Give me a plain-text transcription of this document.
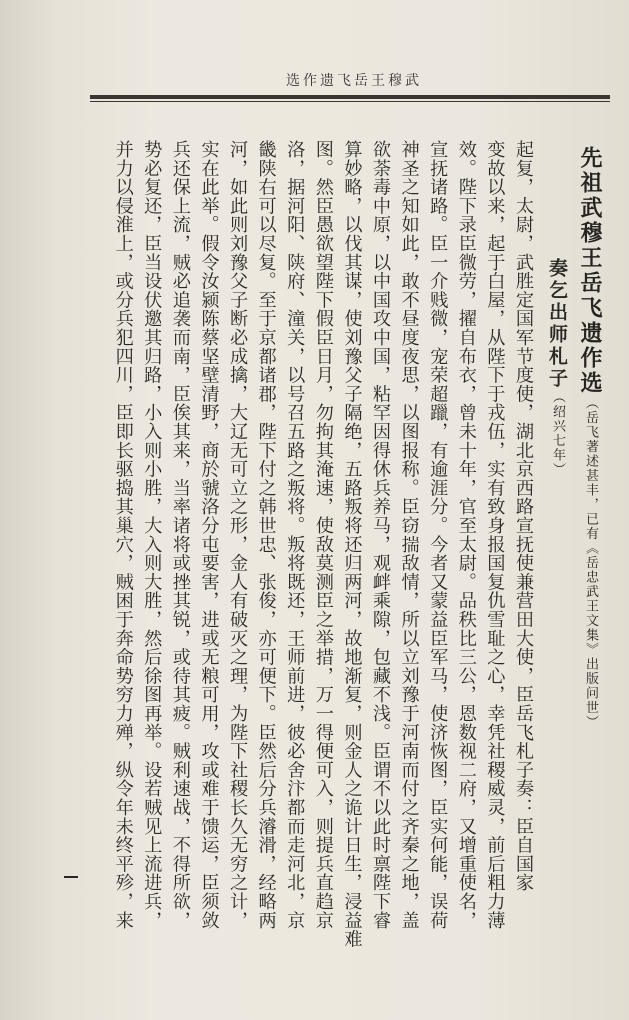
选作遗飞岳王穆武
先祖武穆王岳飞遗作选（岳飞著述甚丰，已有《岳忠武王文集》出版问世）
奏乞出师札子（绍兴七年）
起复，太尉，武胜定国军节度使，湖北京西路宣抚使兼营田大使，臣岳飞札子奏：臣自国家
变故以来，起于白屋，从陛下于戎伍，实有致身报国复仇雪耻之心，幸凭社稷威灵，前后粗力薄
效。陛下录臣微劳，擢自布衣，曾未十年，官至太尉。品秩比三公，恩数视二府，又增重使名，
宣抚诸路。臣一介贱微，宠荣超躐，有逾涯分。今者又蒙益臣军马，使济恢图，臣实何能，误荷
神圣之知如此，敢不昼度夜思，以图报称。臣窃揣敌情，所以立刘豫于河南而付之齐秦之地，盖
欲荼毒中原，以中国攻中国，粘罕因得休兵养马，观衅乘隙，包藏不浅。臣谓不以此时禀陛下睿
算妙略，以伐其谋，使刘豫父子隔绝，五路叛将还归两河，故地渐复，则金人之诡计日生，浸益难
图。然臣愚欲望陛下假臣日月，勿拘其淹速，使敌莫测臣之举措，万一得便可入，则提兵直趋京
洛，据河阳、陕府、潼关，以号召五路之叛将。叛将既还，王师前进，彼必舍汴都而走河北，京
畿陕右可以尽复。至于京都诸郡，陛下付之韩世忠、张俊，亦可便下。臣然后分兵濬滑，经略两
河，如此则刘豫父子断必成擒，大辽无可立之形，金人有破灭之理，为陛下社稷长久无穷之计，
实在此举。假令汝颍陈蔡坚壁清野，商於虢洛分屯要害，进或无粮可用，攻或难于馈运，臣须敛
兵还保上流，贼必追袭而南，臣俟其来，当率诸将或挫其锐，或待其疲。贼利速战，不得所欲，
势必复还，臣当设伏邀其归路，小入则小胜，大入则大胜，然后徐图再举。设若贼见上流进兵，
并力以侵淮上，或分兵犯四川，臣即长驱捣其巢穴，贼困于奔命势穷力殚，纵令年未终平殄，来
